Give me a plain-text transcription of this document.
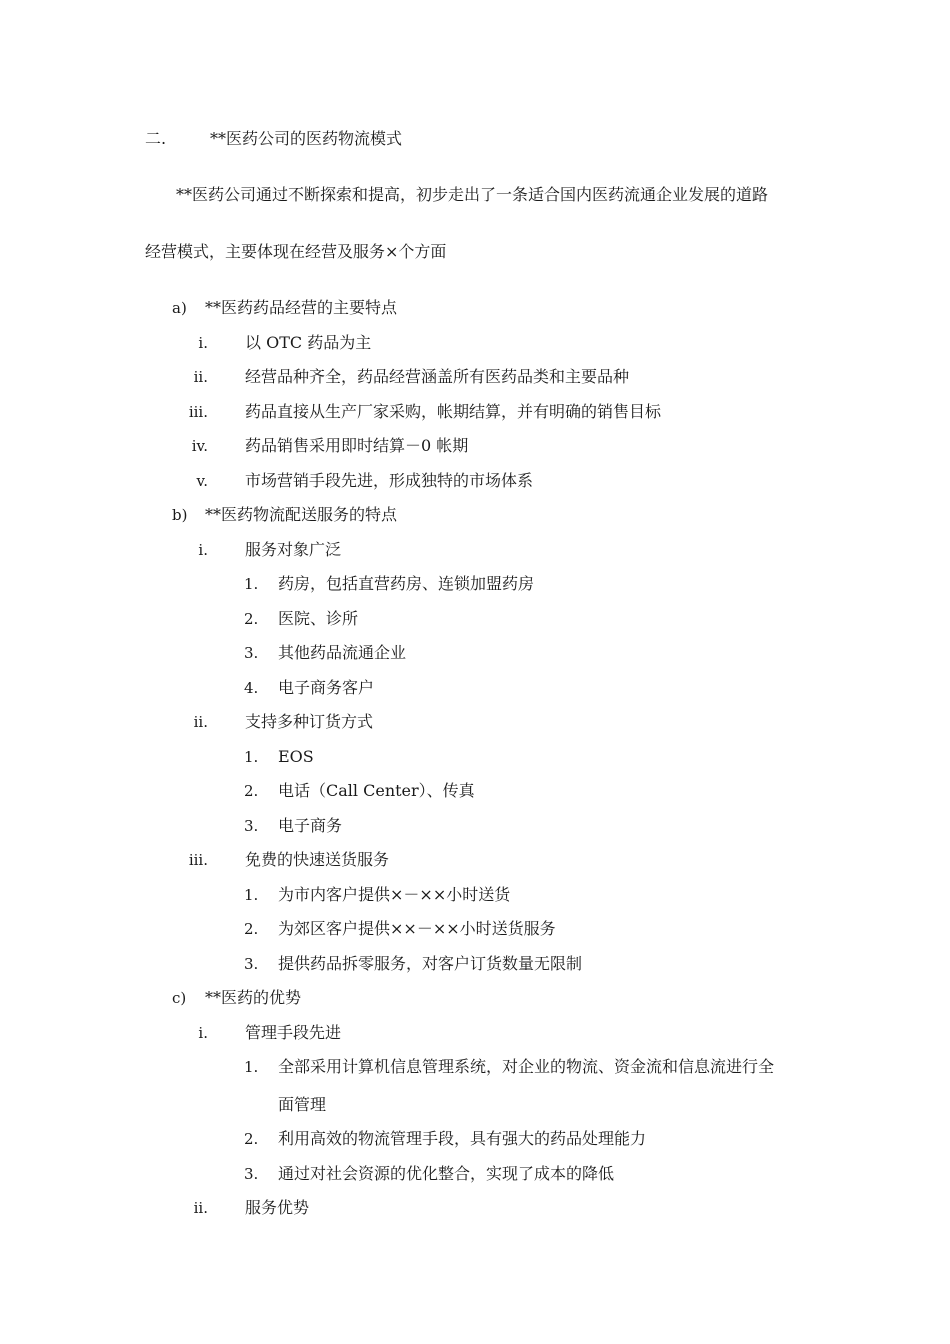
二.	**医药公司的医药物流模式
**医药公司通过不断探索和提高，初步走出了一条适合国内医药流通企业发展的道路
经营模式，主要体现在经营及服务×个方面
a) **医药药品经营的主要特点
i. 以 OTC 药品为主
ii. 经营品种齐全，药品经营涵盖所有医药品类和主要品种
iii. 药品直接从生产厂家采购，帐期结算，并有明确的销售目标
iv. 药品销售采用即时结算－0 帐期
v. 市场营销手段先进，形成独特的市场体系
b) **医药物流配送服务的特点
i. 服务对象广泛
1. 药房，包括直营药房、连锁加盟药房
2. 医院、诊所
3. 其他药品流通企业
4. 电子商务客户
ii. 支持多种订货方式
1. EOS
2. 电话（Call Center）、传真
3. 电子商务
iii. 免费的快速送货服务
1. 为市内客户提供×－××小时送货
2. 为郊区客户提供××－××小时送货服务
3. 提供药品拆零服务，对客户订货数量无限制
c) **医药的优势
i. 管理手段先进
1. 全部采用计算机信息管理系统，对企业的物流、资金流和信息流进行全
面管理
2. 利用高效的物流管理手段，具有强大的药品处理能力
3. 通过对社会资源的优化整合，实现了成本的降低
ii. 服务优势
